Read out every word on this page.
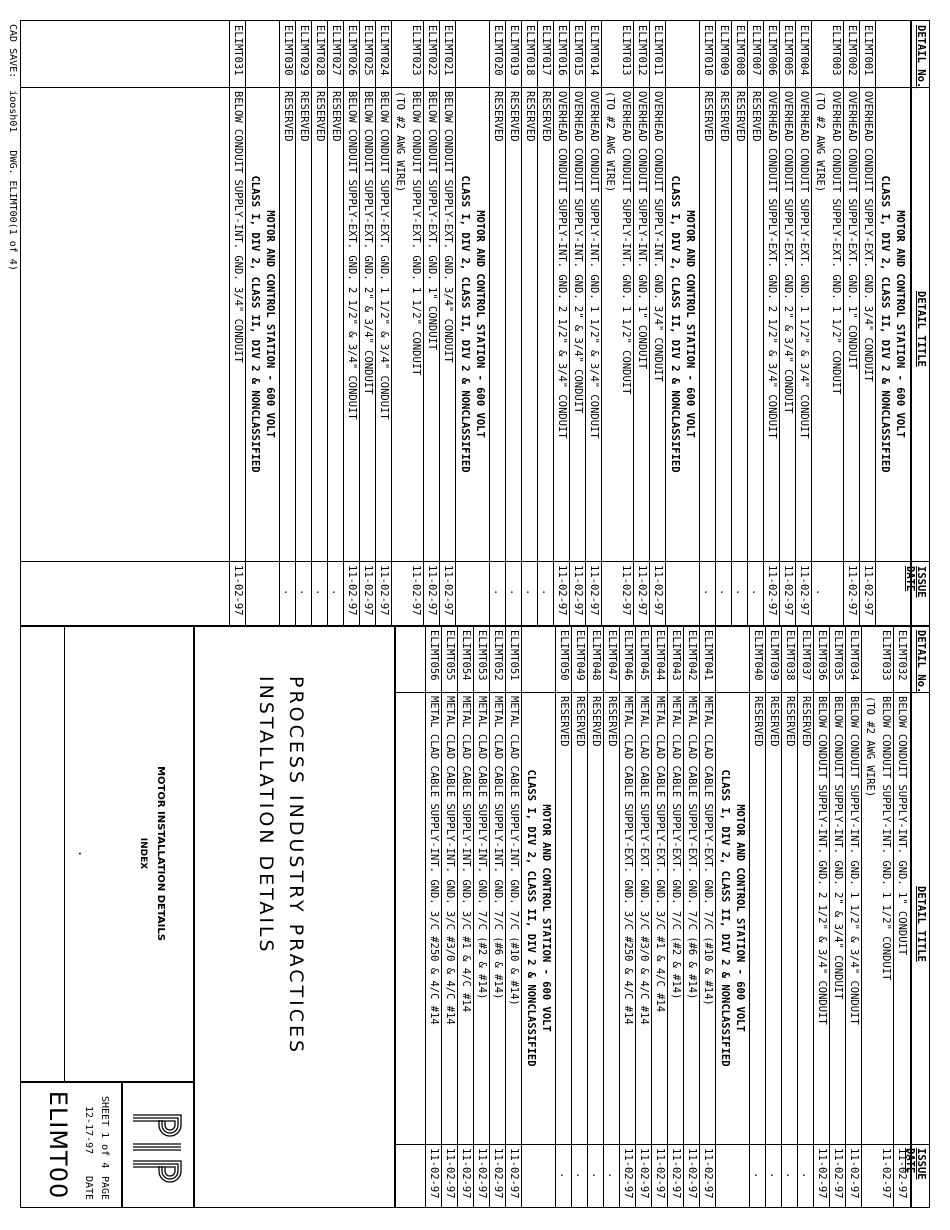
DETAIL No.
DETAIL TITLE
ISSUE DATE
MOTOR AND CONTROL STATION - 600 VOLT
CLASS I, DIV 2, CLASS II, DIV 2 & NONCLASSIFIED
ELIMT001
OVERHEAD CONDUIT SUPPLY-EXT. GND. 3/4" CONDUIT
11-02-97
ELIMT002
OVERHEAD CONDUIT SUPPLY-EXT. GND. 1" CONDUIT
11-02-97
ELIMT003
OVERHEAD CONDUIT SUPPLY-EXT. GND. 1 1/2" CONDUIT
(TO #2 AWG WIRE)
.
ELIMT004
OVERHEAD CONDUIT SUPPLY-EXT. GND. 1 1/2" & 3/4" CONDUIT
11-02-97
ELIMT005
OVERHEAD CONDUIT SUPPLY-EXT. GND. 2" & 3/4" CONDUIT
11-02-97
ELIMT006
OVERHEAD CONDUIT SUPPLY-EXT. GND. 2 1/2" & 3/4" CONDUIT
11-02-97
ELIMT007
RESERVED
.
ELIMT008
RESERVED
.
ELIMT009
RESERVED
.
ELIMT010
RESERVED
.
MOTOR AND CONTROL STATION - 600 VOLT
CLASS I, DIV 2, CLASS II, DIV 2 & NONCLASSIFIED
ELIMT011
OVERHEAD CONDUIT SUPPLY-INT. GND. 3/4" CONDUIT
11-02-97
ELIMT012
OVERHEAD CONDUIT SUPPLY-INT. GND. 1" CONDUIT
11-02-97
ELIMT013
OVERHEAD CONDUIT SUPPLY-INT. GND. 1 1/2" CONDUIT
11-02-97
(TO #2 AWG WIRE)
ELIMT014
OVERHEAD CONDUIT SUPPLY-INT. GND. 1 1/2" & 3/4" CONDUIT
11-02-97
ELIMT015
OVERHEAD CONDUIT SUPPLY-INT. GND. 2" & 3/4" CONDUIT
11-02-97
ELIMT016
OVERHEAD CONDUIT SUPPLY-INT. GND. 2 1/2" & 3/4" CONDUIT
11-02-97
ELIMT017
RESERVED
.
ELIMT018
RESERVED
.
ELIMT019
RESERVED
.
ELIMT020
RESERVED
.
MOTOR AND CONTROL STATION - 600 VOLT
CLASS I, DIV 2, CLASS II, DIV 2 & NONCLASSIFIED
ELIMT021
BELOW CONDUIT SUPPLY-EXT. GND. 3/4" CONDUIT
11-02-97
ELIMT022
BELOW CONDUIT SUPPLY-EXT. GND. 1" CONDUIT
11-02-97
ELIMT023
BELOW CONDUIT SUPPLY-EXT. GND. 1 1/2" CONDUIT
11-02-97
(TO #2 AWG WIRE)
ELIMT024
BELOW CONDUIT SUPPLY-EXT. GND. 1 1/2" & 3/4" CONDUIT
11-02-97
ELIMT025
BELOW CONDUIT SUPPLY-EXT. GND. 2" & 3/4" CONDUIT
11-02-97
ELIMT026
BELOW CONDUIT SUPPLY-EXT. GND. 2 1/2" & 3/4" CONDUIT
11-02-97
ELIMT027
RESERVED
.
ELIMT028
RESERVED
.
ELIMT029
RESERVED
.
ELIMT030
RESERVED
.
MOTOR AND CONTROL STATION - 600 VOLT
CLASS I, DIV 2, CLASS II, DIV 2 & NONCLASSIFIED
ELIMT031
BELOW CONDUIT SUPPLY-INT. GND. 3/4" CONDUIT
11-02-97
DETAIL No.
DETAIL TITLE
ISSUE DATE
ELIMT032
BELOW CONDUIT SUPPLY-INT. GND. 1" CONDUIT
11-02-97
ELIMT033
BELOW CONDUIT SUPPLY-INT. GND. 1 1/2" CONDUIT
11-02-97
(TO #2 AWG WIRE)
ELIMT034
BELOW CONDUIT SUPPLY-INT. GND. 1 1/2" & 3/4" CONDUIT
11-02-97
ELIMT035
BELOW CONDUIT SUPPLY-INT. GND. 2" & 3/4" CONDUIT
11-02-97
ELIMT036
BELOW CONDUIT SUPPLY-INT. GND. 2 1/2" & 3/4" CONDUIT
11-02-97
ELIMT037
RESERVED
.
ELIMT038
RESERVED
.
ELIMT039
RESERVED
.
ELIMT040
RESERVED
.
MOTOR AND CONTROL STATION - 600 VOLT
CLASS I, DIV 2, CLASS II, DIV 2 & NONCLASSIFIED
ELIMT041
METAL CLAD CABLE SUPPLY-EXT. GND. 7/C (#10 & #14)
11-02-97
ELIMT042
METAL CLAD CABLE SUPPLY-EXT. GND. 7/C (#6 & #14)
11-02-97
ELIMT043
METAL CLAD CABLE SUPPLY-EXT. GND. 7/C (#2 & #14)
11-02-97
ELIMT044
METAL CLAD CABLE SUPPLY-EXT. GND. 3/C #1 & 4/C #14
11-02-97
ELIMT045
METAL CLAD CABLE SUPPLY-EXT. GND. 3/C #3/0 & 4/C #14
11-02-97
ELIMT046
METAL CLAD CABLE SUPPLY-EXT. GND. 3/C #250 & 4/C #14
11-02-97
ELIMT047
RESERVED
.
ELIMT048
RESERVED
.
ELIMT049
RESERVED
.
ELIMT050
RESERVED
.
MOTOR AND CONTROL STATION - 600 VOLT
CLASS I, DIV 2, CLASS II, DIV 2 & NONCLASSIFIED
ELIMT051
METAL CLAD CABLE SUPPLY-INT. GND. 7/C (#10 & #14)
11-02-97
ELIMT052
METAL CLAD CABLE SUPPLY-INT. GND. 7/C (#6 & #14)
11-02-97
ELIMT053
METAL CLAD CABLE SUPPLY-INT. GND. 7/C (#2 & #14)
11-02-97
ELIMT054
METAL CLAD CABLE SUPPLY-INT. GND. 3/C #1 & 4/C #14
11-02-97
ELIMT055
METAL CLAD CABLE SUPPLY-INT. GND. 3/C #3/0 & 4/C #14
11-02-97
ELIMT056
METAL CLAD CABLE SUPPLY-INT. GND. 3/C #250 & 4/C #14
11-02-97
PROCESS INDUSTRY PRACTICES
INSTALLATION DETAILS
MOTOR INSTALLATION DETAILS
INDEX
.
SHEET 1 of 4
PAGE
12-17-97
DATE
ELIMT00
CAD SAVE:  ioosh01   DWG. ELIMT00(1 of 4)
